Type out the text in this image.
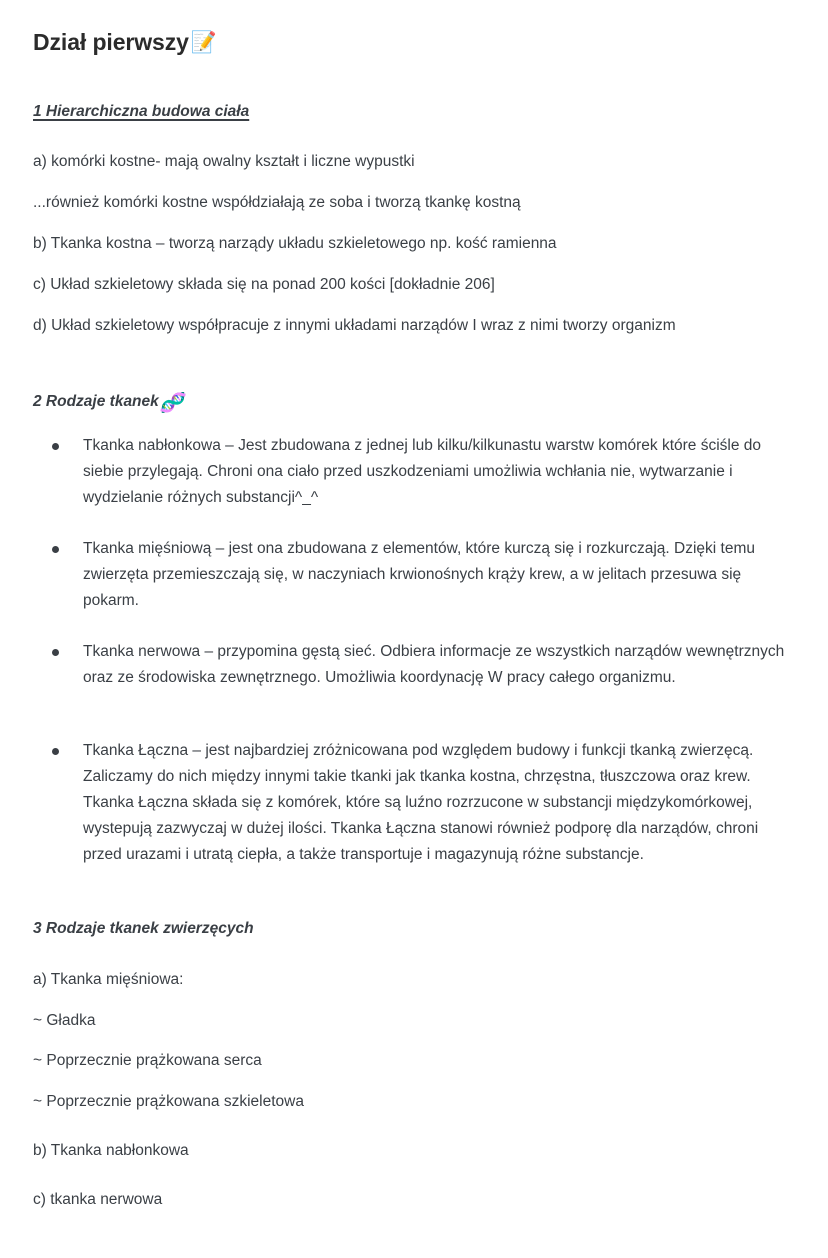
Dział pierwszy 📝
1 Hierarchiczna budowa ciała

a) komórki kostne- mają owalny kształt i liczne wypustki

...również komórki kostne współdziałają ze soba i tworzą tkankę kostną

b) Tkanka kostna – tworzą narządy układu szkieletowego np. kość ramienna

c) Układ szkieletowy składa się na ponad 200 kości [dokładnie 206]

d) Układ szkieletowy współpracuje z innymi układami narządów I wraz z nimi tworzy organizm

2 Rodzaje tkanek 🧬
Tkanka nabłonkowa – Jest zbudowana z jednej lub kilku/kilkunastu warstw komórek które ściśle do siebie przylegają. Chroni ona ciało przed uszkodzeniami umożliwia wchłania nie, wytwarzanie i wydzielanie różnych substancji^_^
Tkanka mięśniową – jest ona zbudowana z elementów, które kurczą się i rozkurczają. Dzięki temu zwierzęta przemieszczają się, w naczyniach krwionośnych krąży krew, a w jelitach przesuwa się pokarm.
Tkanka nerwowa – przypomina gęstą sieć. Odbiera informacje ze wszystkich narządów wewnętrznych oraz ze środowiska zewnętrznego. Umożliwia koordynację W pracy całego organizmu.
Tkanka Łączna – jest najbardziej zróżnicowana pod względem budowy i funkcji tkanką zwierzęcą. Zaliczamy do nich między innymi takie tkanki jak tkanka kostna, chrzęstna, tłuszczowa oraz krew. Tkanka Łączna składa się z komórek, które są luźno rozrzucone w substancji międzykomórkowej, wystepują zazwyczaj w dużej ilości. Tkanka Łączna stanowi również podporę dla narządów, chroni przed urazami i utratą ciepła, a także transportuje i magazynują różne substancje.
3 Rodzaje tkanek zwierzęcych

a) Tkanka mięśniowa:

~ Gładka

~ Poprzecznie prążkowana serca

~ Poprzecznie prążkowana szkieletowa

b) Tkanka nabłonkowa

c) tkanka nerwowa
